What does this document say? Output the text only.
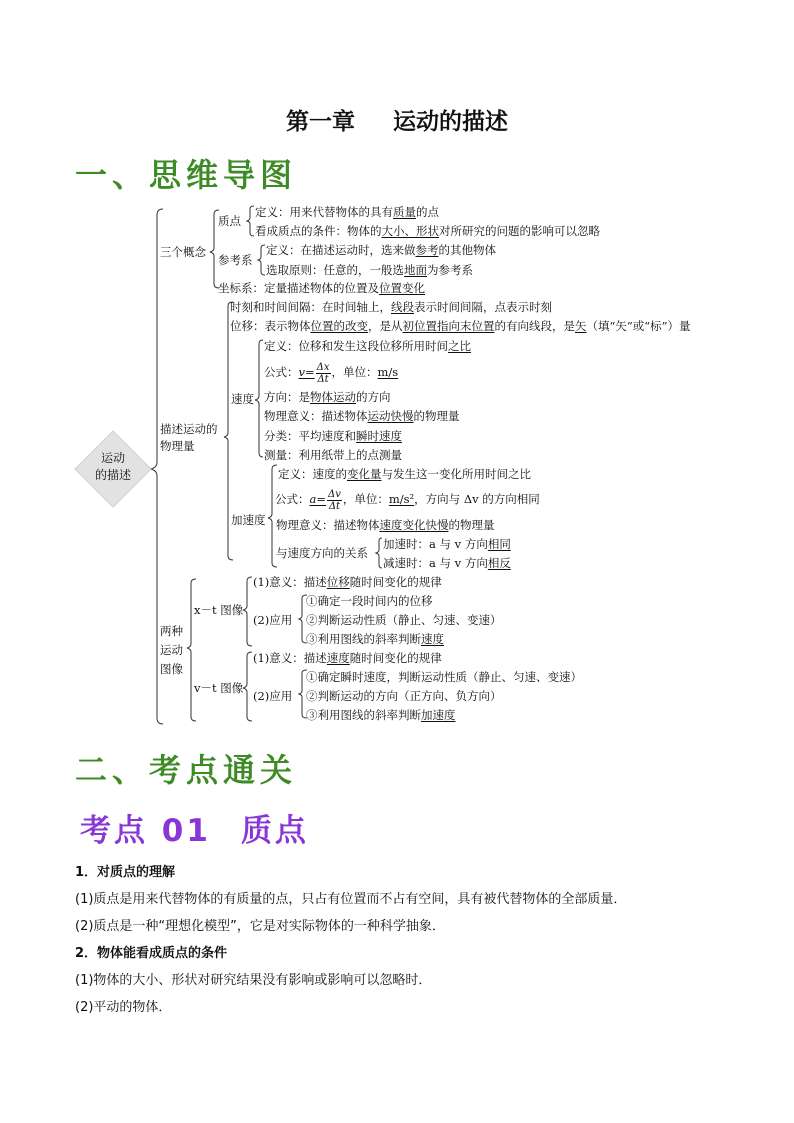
第一章 运动的描述
一、思维导图
运动
的描述
三个概念
质点
定义：用来代替物体的具有质量的点
看成质点的条件：物体的大小、形状对所研究的问题的影响可以忽略
参考系
定义：在描述运动时，选来做参考的其他物体
选取原则：任意的，一般选地面为参考系
坐标系：定量描述物体的位置及位置变化
描述运动的
物理量
时刻和时间间隔：在时间轴上，线段表示时间间隔，点表示时刻
位移：表示物体位置的改变，是从初位置指向末位置的有向线段，是矢（填“矢”或“标”）量
速度
定义：位移和发生这段位移所用时间之比
公式：$v= \frac{\Delta x}{\Delta t}$ ，单位：m/s
方向：是物体运动的方向
物理意义：描述物体运动快慢的物理量
分类：平均速度和瞬时速度
测量：利用纸带上的点测量
加速度
定义：速度的变化量与发生这一变化所用时间之比
公式：$a= \frac{\Delta v}{\Delta t}$ ，单位：m/s²，方向与 Δv 的方向相同
物理意义：描述物体速度变化快慢的物理量
与速度方向的关系
加速时：a 与 v 方向相同
减速时：a 与 v 方向相反
两种
运动
图像
x－t 图像
(1)意义：描述位移随时间变化的规律
(2)应用
①确定一段时间内的位移
②判断运动性质（静止、匀速、变速）
③利用图线的斜率判断速度
v－t 图像
(1)意义：描述速度随时间变化的规律
(2)应用
①确定瞬时速度，判断运动性质（静止、匀速、变速）
②判断运动的方向（正方向、负方向）
③利用图线的斜率判断加速度
二、考点通关
考点 01 质点
1．对质点的理解
(1)质点是用来代替物体的有质量的点，只占有位置而不占有空间，具有被代替物体的全部质量．
(2)质点是一种“理想化模型”，它是对实际物体的一种科学抽象．
2．物体能看成质点的条件
(1)物体的大小、形状对研究结果没有影响或影响可以忽略时．
(2)平动的物体．
